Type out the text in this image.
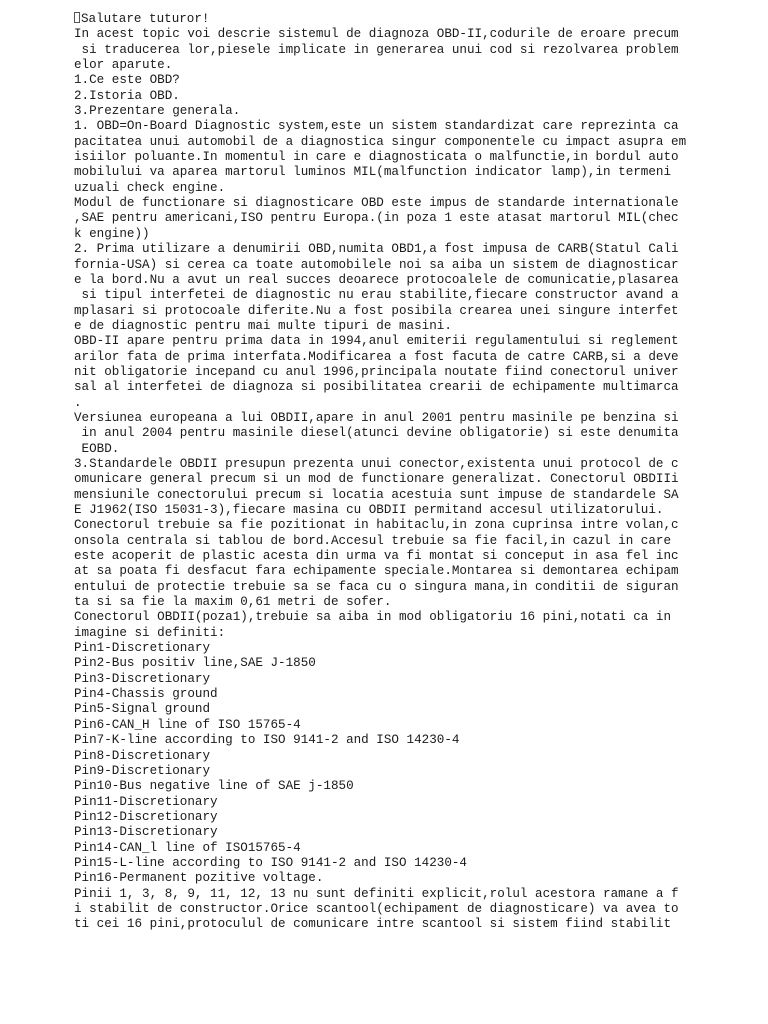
Salutare tuturor!
In acest topic voi descrie sistemul de diagnoza OBD-II,codurile de eroare precum
si traducerea lor,piesele implicate in generarea unui cod si rezolvarea problem
elor aparute.
1.Ce este OBD?
2.Istoria OBD.
3.Prezentare generala.
1. OBD=On-Board Diagnostic system,este un sistem standardizat care reprezinta ca
pacitatea unui automobil de a diagnostica singur componentele cu impact asupra em
isiilor poluante.In momentul in care e diagnosticata o malfunctie,in bordul auto
mobilului va aparea martorul luminos MIL(malfunction indicator lamp),in termeni
uzuali check engine.
Modul de functionare si diagnosticare OBD este impus de standarde internationale
,SAE pentru americani,ISO pentru Europa.(in poza 1 este atasat martorul MIL(chec
k engine))
2. Prima utilizare a denumirii OBD,numita OBD1,a fost impusa de CARB(Statul Cali
fornia-USA) si cerea ca toate automobilele noi sa aiba un sistem de diagnosticar
e la bord.Nu a avut un real succes deoarece protocoalele de comunicatie,plasarea
si tipul interfetei de diagnostic nu erau stabilite,fiecare constructor avand a
mplasari si protocoale diferite.Nu a fost posibila crearea unei singure interfet
e de diagnostic pentru mai multe tipuri de masini.
OBD-II apare pentru prima data in 1994,anul emiterii regulamentului si reglement
arilor fata de prima interfata.Modificarea a fost facuta de catre CARB,si a deve
nit obligatorie incepand cu anul 1996,principala noutate fiind conectorul univer
sal al interfetei de diagnoza si posibilitatea crearii de echipamente multimarca
.
Versiunea europeana a lui OBDII,apare in anul 2001 pentru masinile pe benzina si
in anul 2004 pentru masinile diesel(atunci devine obligatorie) si este denumita
EOBD.
3.Standardele OBDII presupun prezenta unui conector,existenta unui protocol de c
omunicare general precum si un mod de functionare generalizat. Conectorul OBDIIi
mensiunile conectorului precum si locatia acestuia sunt impuse de standardele SA
E J1962(ISO 15031-3),fiecare masina cu OBDII permitand accesul utilizatorului.
Conectorul trebuie sa fie pozitionat in habitaclu,in zona cuprinsa intre volan,c
onsola centrala si tablou de bord.Accesul trebuie sa fie facil,in cazul in care
este acoperit de plastic acesta din urma va fi montat si conceput in asa fel inc
at sa poata fi desfacut fara echipamente speciale.Montarea si demontarea echipam
entului de protectie trebuie sa se faca cu o singura mana,in conditii de siguran
ta si sa fie la maxim 0,61 metri de sofer.
Conectorul OBDII(poza1),trebuie sa aiba in mod obligatoriu 16 pini,notati ca in
imagine si definiti:
Pin1-Discretionary
Pin2-Bus positiv line,SAE J-1850
Pin3-Discretionary
Pin4-Chassis ground
Pin5-Signal ground
Pin6-CAN_H line of ISO 15765-4
Pin7-K-line according to ISO 9141-2 and ISO 14230-4
Pin8-Discretionary
Pin9-Discretionary
Pin10-Bus negative line of SAE j-1850
Pin11-Discretionary
Pin12-Discretionary
Pin13-Discretionary
Pin14-CAN_l line of ISO15765-4
Pin15-L-line according to ISO 9141-2 and ISO 14230-4
Pin16-Permanent pozitive voltage.
Pinii 1, 3, 8, 9, 11, 12, 13 nu sunt definiti explicit,rolul acestora ramane a f
i stabilit de constructor.Orice scantool(echipament de diagnosticare) va avea to
ti cei 16 pini,protoculul de comunicare intre scantool si sistem fiind stabilit
